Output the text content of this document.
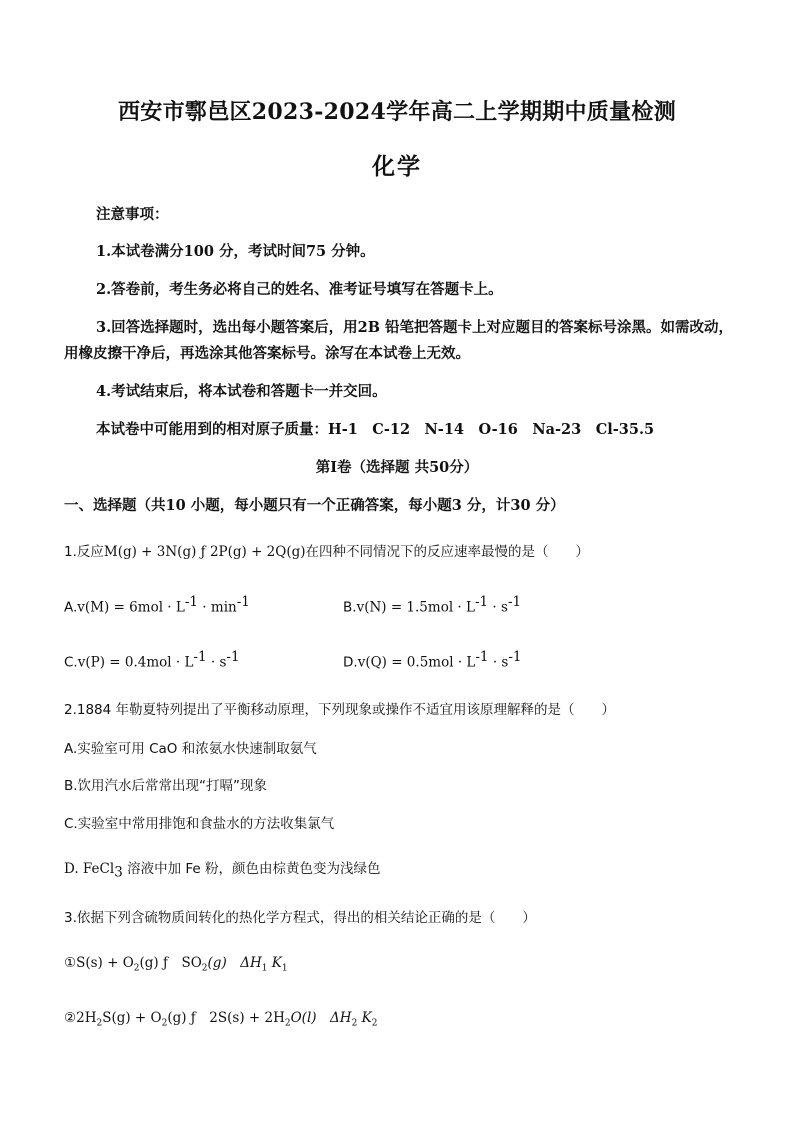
西安市鄠邑区2023-2024学年高二上学期期中质量检测
化学
注意事项：
1.本试卷满分100 分，考试时间75 分钟。
2.答卷前，考生务必将自己的姓名、准考证号填写在答题卡上。
3.回答选择题时，选出每小题答案后，用2B 铅笔把答题卡上对应题目的答案标号涂黑。如需改动，用橡皮擦干净后，再选涂其他答案标号。涂写在本试卷上无效。
4.考试结束后，将本试卷和答题卡一并交回。
本试卷中可能用到的相对原子质量：H-1　C-12　N-14　O-16　Na-23　Cl-35.5
第Ⅰ卷（选择题 共50分）
一、选择题（共10 小题，每小题只有一个正确答案，每小题3 分，计30 分）
1.反应M(g) + 3N(g) ƒ 2P(g) + 2Q(g)在四种不同情况下的反应速率最慢的是（　　）
$A.v(M) = 6mol \cdot L^{-1} \cdot \min^{-1}$	$B.v(N) = 1.5mol \cdot L^{-1} \cdot s^{-1}$
$C.v(P) = 0.4mol \cdot L^{-1} \cdot s^{-1}$	$D.v(Q) = 0.5mol \cdot L^{-1} \cdot s^{-1}$
2.1884 年勒夏特列提出了平衡移动原理，下列现象或操作不适宜用该原理解释的是（　　）
A.实验室可用 CaO 和浓氨水快速制取氨气
B.饮用汽水后常常出现“打嗝”现象
C.实验室中常用排饱和食盐水的方法收集氯气
D. FeCl$_3$ 溶液中加 Fe 粉，颜色由棕黄色变为浅绿色
3.依据下列含硫物质间转化的热化学方程式，得出的相关结论正确的是（　　）
①S(s) + $O_2(g)$ ƒ　$SO_2(g)$　$\Delta H_1$ $K_1$
$②2H_2S(g) + O_2(g)$ ƒ　$2S(s) + 2H_2O(l)$　$\Delta H_2$ $K_2$
